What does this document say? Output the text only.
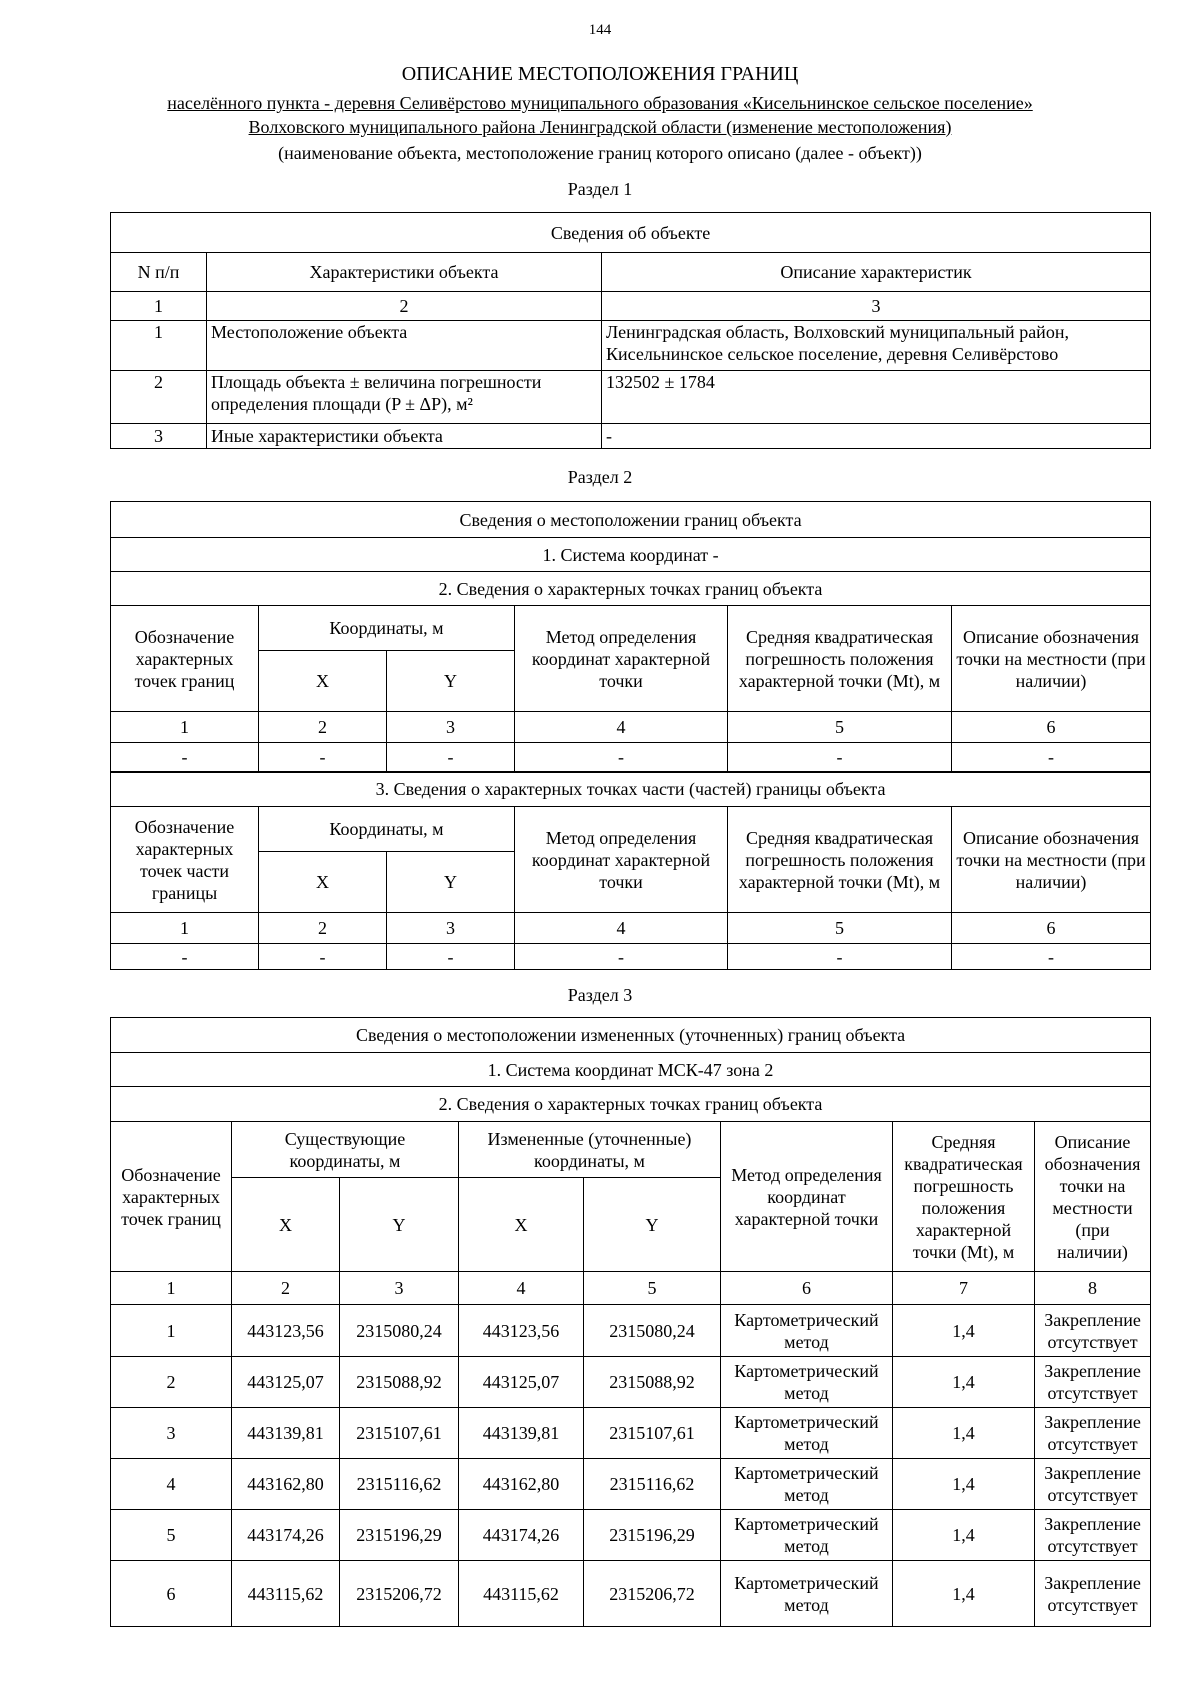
144
ОПИСАНИЕ МЕСТОПОЛОЖЕНИЯ ГРАНИЦ
населённого пункта - деревня Селивёрстово муниципального образования «Кисельнинское сельское поселение»
Волховского муниципального района Ленинградской области (изменение местоположения)
(наименование объекта, местоположение границ которого описано (далее - объект))
Раздел 1
Сведения об объекте		
N п/п	Характеристики объекта	Описание характеристик
1	2	3
1	Местоположение объекта	Ленинградская область, Волховский муниципальный район, Кисельнинское сельское поселение, деревня Селивёрстово
2	Площадь объекта ± величина погрешности определения площади (P ± ΔP), м²	132502 ± 1784
3	Иные характеристики объекта	-
Раздел 2
Сведения о местоположении границ объекта					
1. Система координат -					
2. Сведения о характерных точках границ объекта					
Обозначение характерных точек границ	Координаты, м		Метод определения координат характерной точки	Средняя квадратическая погрешность положения характерной точки (Mt), м	Описание обозначения точки на местности (при наличии)
	X	Y			
1	2	3	4	5	6
-	-	-	-	-	-
3. Сведения о характерных точках части (частей) границы объекта					
Обозначение характерных точек части границы	Координаты, м		Метод определения координат характерной точки	Средняя квадратическая погрешность положения характерной точки (Mt), м	Описание обозначения точки на местности (при наличии)
	X	Y			
1	2	3	4	5	6
-	-	-	-	-	-
Раздел 3
Сведения о местоположении измененных (уточненных) границ объекта							
1. Система координат МСК-47 зона 2							
2. Сведения о характерных точках границ объекта							
Обозначение характерных точек границ	Существующие координаты, м		Измененные (уточненные) координаты, м		Метод определения координат характерной точки	Средняя квадратическая погрешность положения характерной точки (Mt), м	Описание обозначения точки на местности (при наличии)
	X	Y	X	Y			
1	2	3	4	5	6	7	8
1	443123,56	2315080,24	443123,56	2315080,24	Картометрический метод	1,4	Закрепление отсутствует
2	443125,07	2315088,92	443125,07	2315088,92	Картометрический метод	1,4	Закрепление отсутствует
3	443139,81	2315107,61	443139,81	2315107,61	Картометрический метод	1,4	Закрепление отсутствует
4	443162,80	2315116,62	443162,80	2315116,62	Картометрический метод	1,4	Закрепление отсутствует
5	443174,26	2315196,29	443174,26	2315196,29	Картометрический метод	1,4	Закрепление отсутствует
6	443115,62	2315206,72	443115,62	2315206,72	Картометрический метод	1,4	Закрепление отсутствует
